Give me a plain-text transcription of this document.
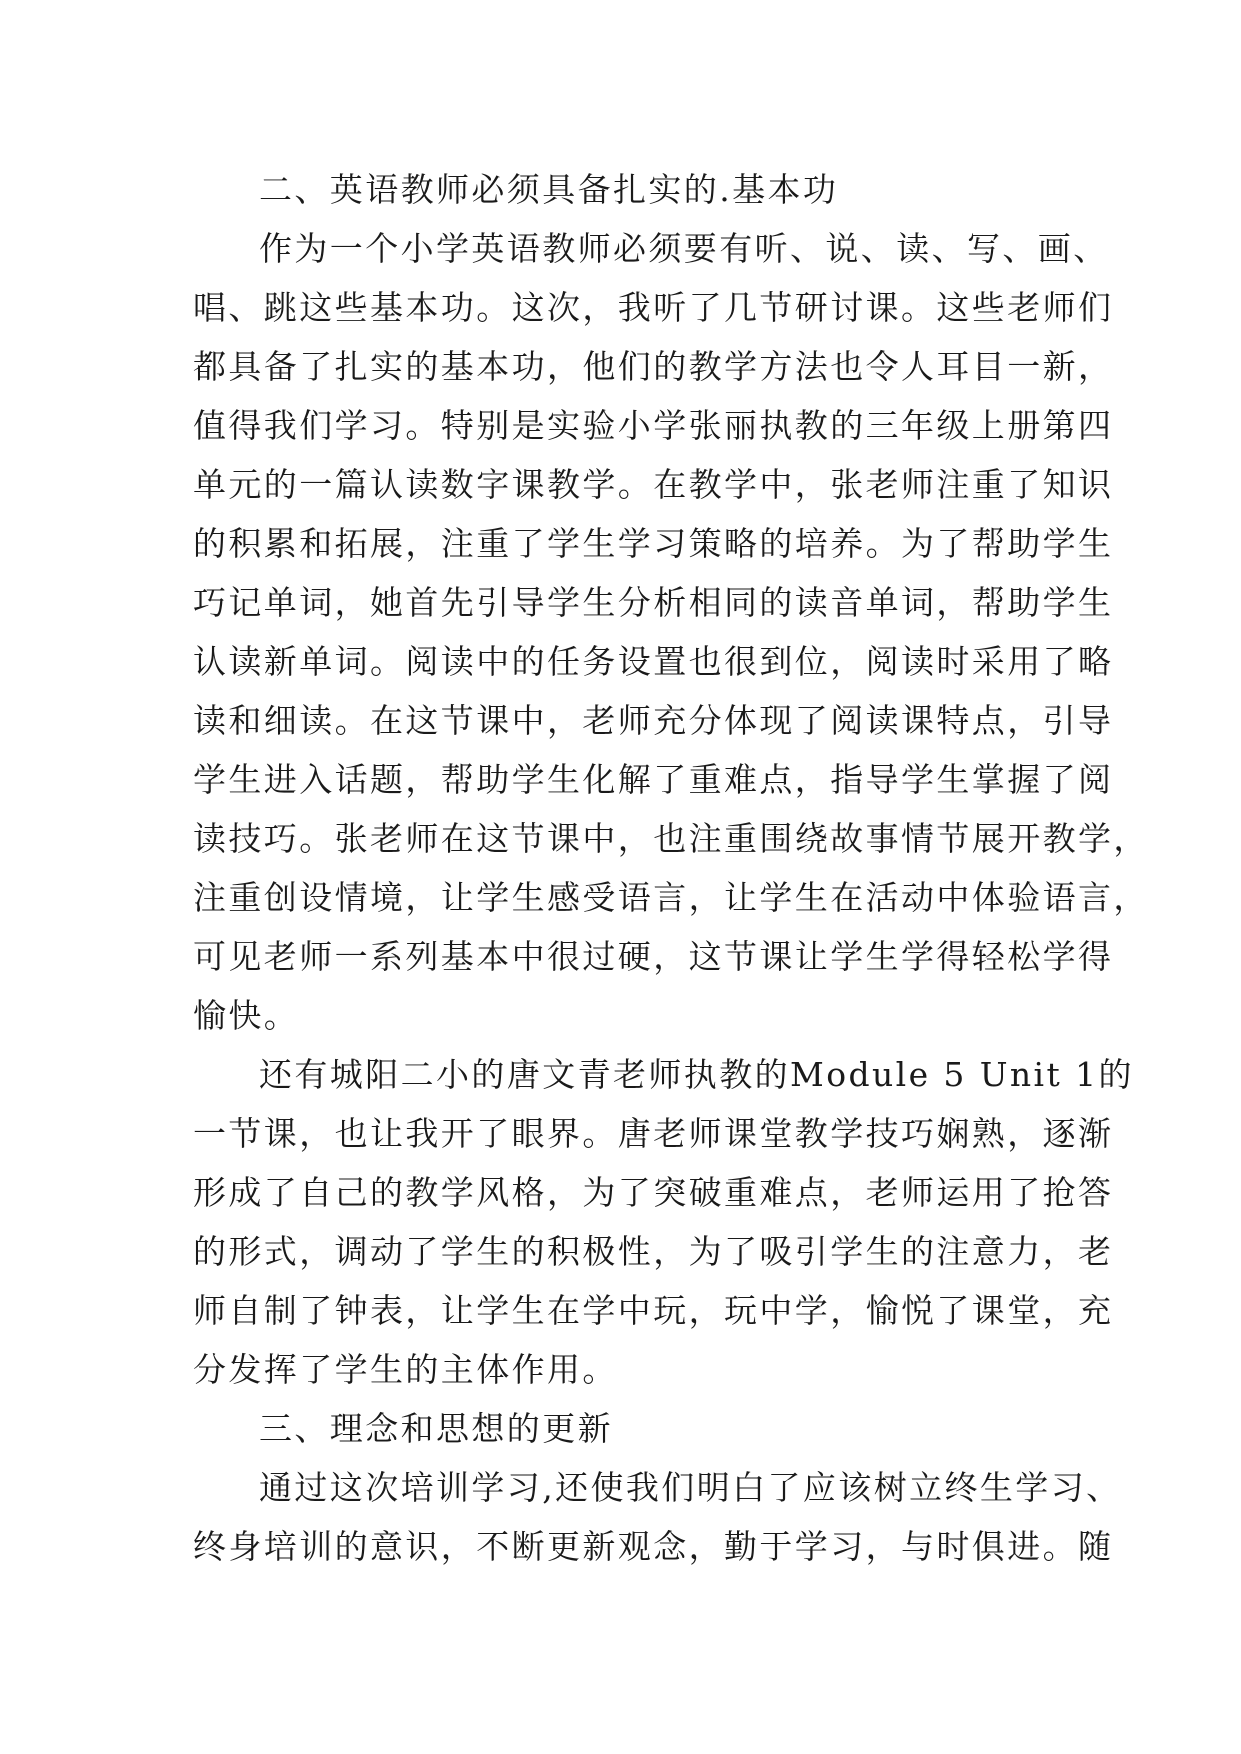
二、英语教师必须具备扎实的.基本功
作为一个小学英语教师必须要有听、说、读、写、画、
唱、跳这些基本功。这次，我听了几节研讨课。这些老师们
都具备了扎实的基本功，他们的教学方法也令人耳目一新，
值得我们学习。特别是实验小学张丽执教的三年级上册第四
单元的一篇认读数字课教学。在教学中，张老师注重了知识
的积累和拓展，注重了学生学习策略的培养。为了帮助学生
巧记单词，她首先引导学生分析相同的读音单词，帮助学生
认读新单词。阅读中的任务设置也很到位，阅读时采用了略
读和细读。在这节课中，老师充分体现了阅读课特点，引导
学生进入话题，帮助学生化解了重难点，指导学生掌握了阅
读技巧。张老师在这节课中，也注重围绕故事情节展开教学，
注重创设情境，让学生感受语言，让学生在活动中体验语言，
可见老师一系列基本中很过硬，这节课让学生学得轻松学得
愉快。
还有城阳二小的唐文青老师执教的Module 5 Unit 1的
一节课，也让我开了眼界。唐老师课堂教学技巧娴熟，逐渐
形成了自己的教学风格，为了突破重难点，老师运用了抢答
的形式，调动了学生的积极性，为了吸引学生的注意力，老
师自制了钟表，让学生在学中玩，玩中学，愉悦了课堂，充
分发挥了学生的主体作用。
三、理念和思想的更新
通过这次培训学习,还使我们明白了应该树立终生学习、
终身培训的意识，不断更新观念，勤于学习，与时俱进。随
